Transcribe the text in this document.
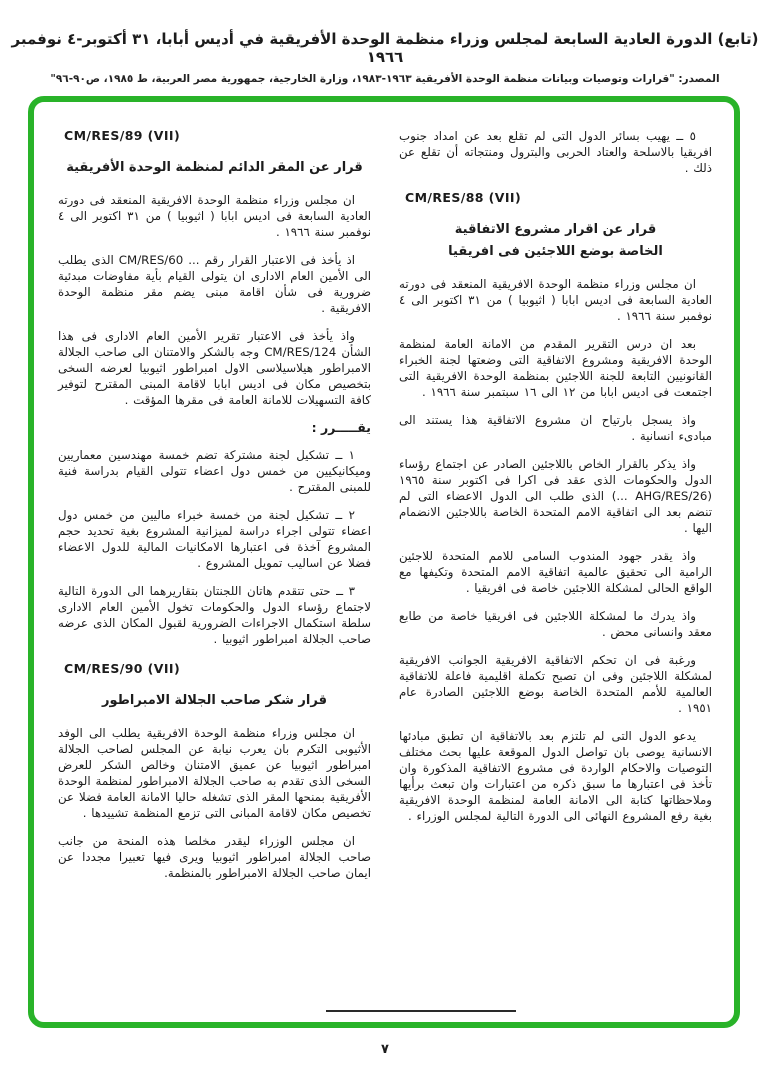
(تابع) الدورة العادية السابعة لمجلس وزراء منظمة الوحدة الأفريقية في أديس أبابا، ٣١ أكتوبر-٤ نوفمبر ١٩٦٦
المصدر: "قرارات وتوصيات وبيانات منظمة الوحدة الأفريقية ١٩٦٣-١٩٨٣، وزارة الخارجية، جمهورية مصر العربية، ط ١٩٨٥، ص٩٠-٩٦"

٥ ــ يهيب بسائر الدول التى لم تقلع بعد عن امداد جنوب افريقيا بالاسلحة والعتاد الحربى والبترول ومنتجاته أن تقلع عن ذلك .

CM/RES/88 (VII)
قرار عن اقرار مشروع الاتفاقية
الخاصة بوضع اللاجئين فى افريقيا

ان مجلس وزراء منظمة الوحدة الافريقية المنعقد فى دورته العادية السابعة فى اديس ابابا ( اثيوبيا ) من ٣١ اكتوبر الى ٤ نوفمبر سنة ١٩٦٦ .

بعد ان درس التقرير المقدم من الامانة العامة لمنظمة الوحدة الافريقية ومشروع الاتفاقية التى وضعتها لجنة الخبراء القانونيين التابعة للجنة اللاجئين بمنظمة الوحدة الافريقية التى اجتمعت فى اديس ابابا من ١٢ الى ١٦ سبتمبر سنة ١٩٦٦ .

واذ يسجل بارتياح ان مشروع الاتفاقية هذا يستند الى مبادىء انسانية .

واذ يذكر بالقرار الخاص باللاجئين الصادر عن اجتماع رؤساء الدول والحكومات الذى عقد فى اكرا فى اكتوبر سنة ١٩٦٥ (AHG/RES/26 ...) الذى طلب الى الدول الاعضاء التى لم تنضم بعد الى اتفاقية الامم المتحدة الخاصة باللاجئين الانضمام اليها .

واذ يقدر جهود المندوب السامى للامم المتحدة للاجئين الرامية الى تحقيق عالمية اتفاقية الامم المتحدة وتكيفها مع الواقع الحالى لمشكلة اللاجئين خاصة فى افريقيا .

واذ يدرك ما لمشكلة اللاجئين فى افريقيا خاصة من طابع معقد وانسانى محض .

ورغبة فى ان تحكم الاتفاقية الافريقية الجوانب الافريقية لمشكلة اللاجئين وفى ان تصبح تكملة اقليمية فاعلة للاتفاقية العالمية للأمم المتحدة الخاصة بوضع اللاجئين الصادرة عام ١٩٥١ .

يدعو الدول التى لم تلتزم بعد بالاتفاقية ان تطبق مبادئها الانسانية يوصى بان تواصل الدول الموقعة عليها بحث مختلف التوصيات والاحكام الواردة فى مشروع الاتفاقية المذكورة وان تأخذ فى اعتبارها ما سبق ذكره من اعتبارات وان تبعث برأيها وملاحظاتها كتابة الى الامانة العامة لمنظمة الوحدة الافريقية بغية رفع المشروع النهائى الى الدورة التالية لمجلس الوزراء .

CM/RES/89 (VII)
قرار عن المقر الدائم لمنظمة الوحدة الأفريقية

ان مجلس وزراء منظمة الوحدة الافريقية المنعقد فى دورته العادية السابعة فى اديس ابابا ( اثيوبيا ) من ٣١ اكتوبر الى ٤ نوفمبر سنة ١٩٦٦ .

اذ يأخذ فى الاعتبار القرار رقم ... CM/RES/60 الذى يطلب الى الأمين العام الادارى ان يتولى القيام بأية مفاوضات مبدئية ضرورية فى شأن اقامة مبنى يضم مقر منظمة الوحدة الافريقية .

واذ يأخذ فى الاعتبار تقرير الأمين العام الادارى فى هذا الشأن CM/RES/124 وجه بالشكر والامتنان الى صاحب الجلالة الامبراطور هيلاسيلاسى الاول امبراطور اثيوبيا لعرضه السخى بتخصيص مكان فى اديس ابابا لاقامة المبنى المقترح لتوفير كافة التسهيلات للامانة العامة فى مقرها المؤقت .

يقـــــرر :

١ ــ تشكيل لجنة مشتركة تضم خمسة مهندسين معماريين وميكانيكيين من خمس دول اعضاء تتولى القيام بدراسة فنية للمبنى المقترح .

٢ ــ تشكيل لجنة من خمسة خبراء ماليين من خمس دول اعضاء تتولى اجراء دراسة لميزانية المشروع بغية تحديد حجم المشروع آخذة فى اعتبارها الامكانيات المالية للدول الاعضاء فضلا عن اساليب تمويل المشروع .

٣ ــ حتى تتقدم هاتان اللجنتان بتقاريرهما الى الدورة التالية لاجتماع رؤساء الدول والحكومات تخول الأمين العام الادارى سلطة استكمال الاجراءات الضرورية لقبول المكان الذى عرضه صاحب الجلالة امبراطور اثيوبيا .

CM/RES/90 (VII)
قرار شكر صاحب الجلالة الامبراطور

ان مجلس وزراء منظمة الوحدة الافريقية يطلب الى الوفد الأثيوبى التكرم بان يعرب نيابة عن المجلس لصاحب الجلالة امبراطور اثيوبيا عن عميق الامتنان وخالص الشكر للعرض السخى الذى تقدم به صاحب الجلالة الامبراطور لمنظمة الوحدة الأفريقية بمنحها المقر الذى تشغله حاليا الامانة العامة فضلا عن تخصيص مكان لاقامة المبانى التى تزمع المنظمة تشييدها .

ان مجلس الوزراء ليقدر مخلصا هذه المنحة من جانب صاحب الجلالة امبراطور اثيوبيا ويرى فيها تعبيرا مجددا عن ايمان صاحب الجلالة الامبراطور بالمنظمة.

٧
